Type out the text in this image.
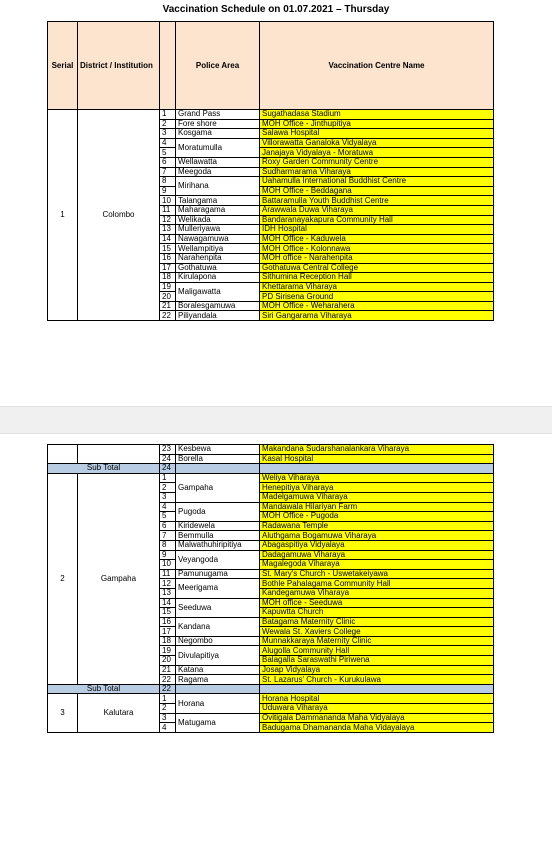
Vaccination Schedule on 01.07.2021 – Thursday
Serial	District / Institution		Police Area	Vaccination Centre Name
1	Colombo	1	Grand Pass	Sugathadasa Stadium
		2	Fore shore	MOH Office - Jinthupitiya
		3	Kosgama	Salawa Hospital
		4	Moratumulla	Villorawatta Ganaloka Vidyalaya
		5		Janajaya Vidyalaya - Moratuwa
		6	Wellawatta	Roxy Garden Community Centre
		7	Meegoda	Sudharmarama Viharaya
		8	Mirihana	Uahamulla International Buddhist Centre
		9		MOH Office - Beddagana
		10	Talangama	Battaramulla Youth Buddhist Centre
		11	Maharagama	Arawwala Duwa Viharaya
		12	Welikada	Bandaranayakapura Community Hall
		13	Mulleriyawa	IDH Hospital
		14	Nawagamuwa	MOH Office - Kaduwela
		15	Wellampitiya	MOH Office - Kolonnawa
		16	Narahenpita	MOH office - Narahenpita
		17	Gothatuwa	Gothatuwa Central College
		18	Kirulapona	Sithumina Reception Hall
		19	Maligawatta	Khettarama Viharaya
		20		PD Sirisena Ground
		21	Boralesgamuwa	MOH Office - Weharahera
		22	Piliyandala	Siri Gangarama Viharaya
		23	Kesbewa	Makandana Sudarshanalankara Viharaya
		24	Borella	Kasal Hospital
Sub Total		24		
2	Gampaha	1	Gampaha	Weliya Viharaya
		2		Henepitiya Viharaya
		3		Madelgamuwa Viharaya
		4	Pugoda	Mandawala Hilariyan Farm
		5		MOH Office - Pugoda
		6	Kiridewela	Radawana Temple
		7	Bemmulla	Aluthgama Bogamuwa Viharaya
		8	Malwathuhiripitiya	Abagaspitiya Vidyalaya
		9	Veyangoda	Dadagamuwa Viharaya
		10		Magalegoda Viharaya
		11	Pamunugama	St. Mary's Church - Uswetakeiyawa
		12	Meerigama	Bothle Pahalagama Community Hall
		13		Kandegamuwa Viharaya
		14	Seeduwa	MOH office - Seeduwa
		15		Kapuwtta Church
		16	Kandana	Batagama Maternity Clinic
		17		Wewala St. Xaviers College
		18	Negombo	Munnakkaraya Maternity Clinic
		19	Divulapitiya	Alugolla Community Hall
		20		Balagalla Saraswathi Piriwena
		21	Katana	Josap Vidyalaya
		22	Ragama	St. Lazarus' Church - Kurukulawa
Sub Total		22		
3	Kalutara	1	Horana	Horana Hospital
		2		Uduwara Viharaya
		3	Matugama	Ovitigala Dammananda Maha Vidyalaya
		4		Badugama Dhamananda Maha Vidayalaya
